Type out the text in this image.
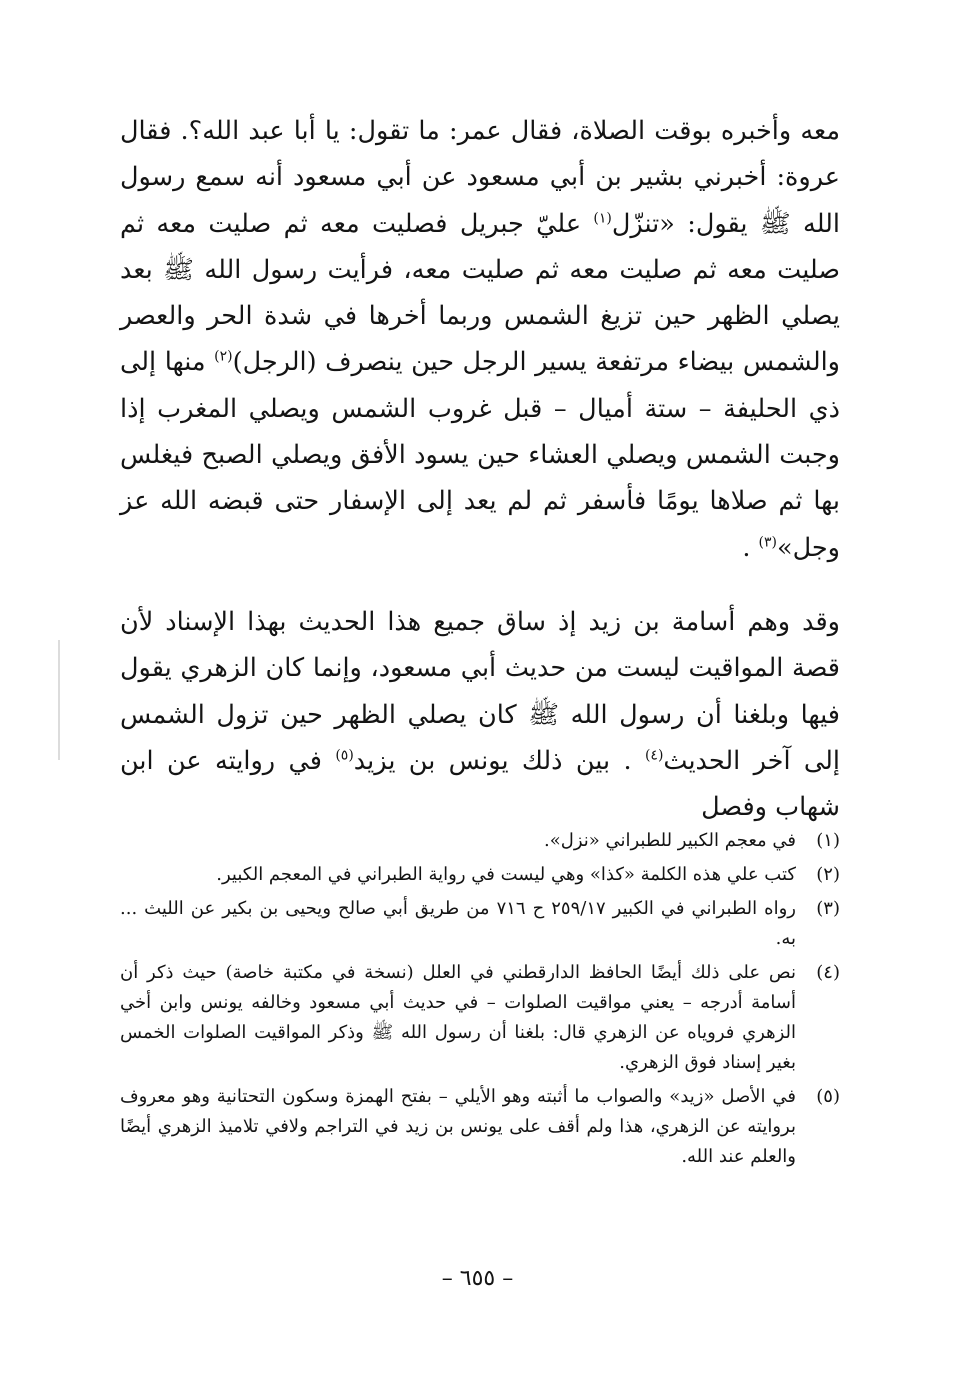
معه وأخبره بوقت الصلاة، فقال عمر: ما تقول: يا أبا عبد الله؟. فقال عروة: أخبرني بشير بن أبي مسعود عن أبي مسعود أنه سمع رسول الله ﷺ يقول: «تنزّل$^{(١)}$ عليّ جبريل فصليت معه ثم صليت معه ثم صليت معه ثم صليت معه ثم صليت معه، فرأيت رسول الله ﷺ بعد يصلي الظهر حين تزيغ الشمس وربما أخرها في شدة الحر والعصر والشمس بيضاء مرتفعة يسير الرجل حين ينصرف (الرجل)$^{(٢)}$ منها إلى ذي الحليفة – ستة أميال – قبل غروب الشمس ويصلي المغرب إذا وجبت الشمس ويصلي العشاء حين يسود الأفق ويصلي الصبح فيغلس بها ثم صلاها يومًا فأسفر ثم لم يعد إلى الإسفار حتى قبضه الله عز وجل»$^{(٣)}$ .

وقد وهم أسامة بن زيد إذ ساق جميع هذا الحديث بهذا الإسناد لأن قصة المواقيت ليست من حديث أبي مسعود، وإنما كان الزهري يقول فيها وبلغنا أن رسول الله ﷺ كان يصلي الظهر حين تزول الشمس إلى آخر الحديث$^{(٤)}$ . بين ذلك يونس بن يزيد$^{(٥)}$ في روايته عن ابن شهاب وفصل

(١)
في معجم الكبير للطبراني «نزل».
(٢)
كتب علي هذه الكلمة «كذا» وهي ليست في رواية الطبراني في المعجم الكبير.
(٣)
رواه الطبراني في الكبير ٢٥٩/١٧ ح ٧١٦ من طريق أبي صالح ويحيى بن بكير عن الليث ... به.
(٤)
نص على ذلك أيضًا الحافظ الدارقطني في العلل (نسخة في مكتبة خاصة) حيث ذكر أن أسامة أدرجه – يعني مواقيت الصلوات – في حديث أبي مسعود وخالفه يونس وابن أخي الزهري فروياه عن الزهري قال: بلغنا أن رسول الله ﷺ وذكر المواقيت الصلوات الخمس بغير إسناد فوق الزهري.
(٥)
في الأصل «زيد» والصواب ما أثبته وهو الأيلي – بفتح الهمزة وسكون التحتانية وهو معروف بروايته عن الزهري، هذا ولم أقف على يونس بن زيد في التراجم ولافي تلاميذ الزهري أيضًا والعلم عند الله.
– ٦٥٥ –
